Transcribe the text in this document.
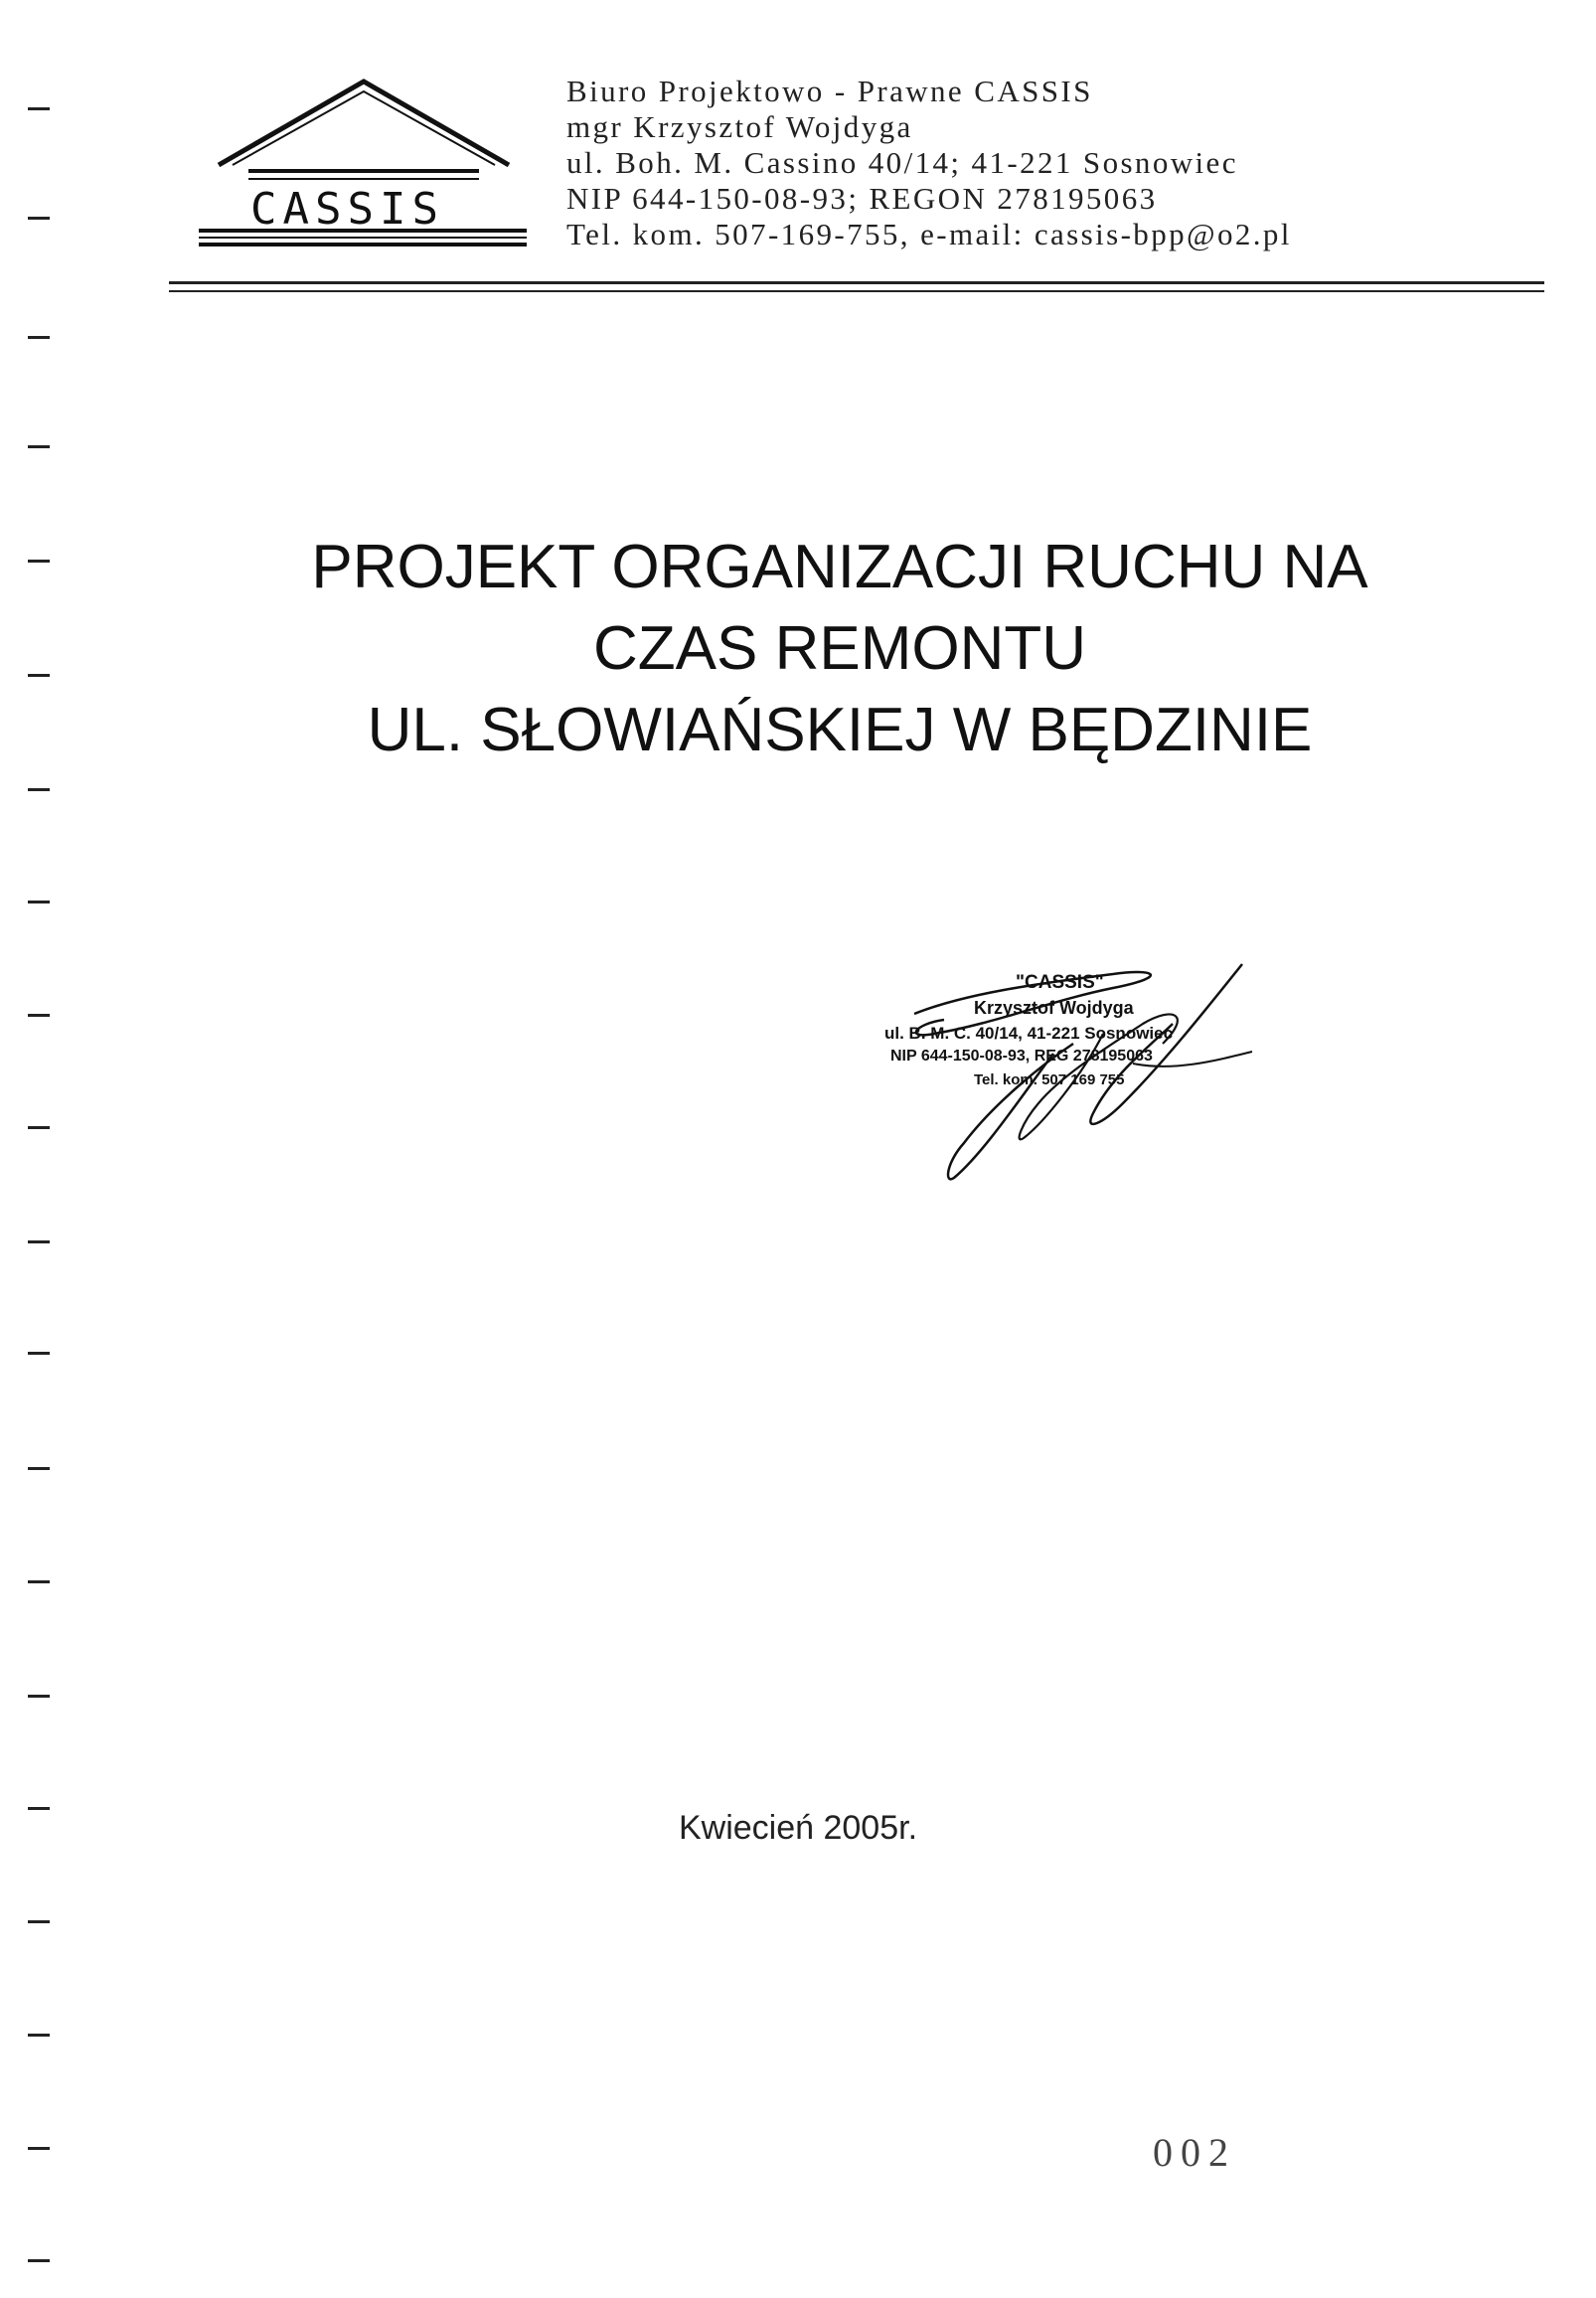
CASSIS
Biuro Projektowo - Prawne CASSIS
mgr Krzysztof Wojdyga
ul. Boh. M. Cassino 40/14; 41-221 Sosnowiec
NIP 644-150-08-93; REGON 278195063
Tel. kom. 507-169-755, e-mail: cassis-bpp@o2.pl
PROJEKT ORGANIZACJI RUCHU NA
CZAS REMONTU
UL. SŁOWIAŃSKIEJ W BĘDZINIE
"CASSIS"
Krzysztof Wojdyga
ul. B. M. C. 40/14, 41-221 Sosnowiec
NIP 644-150-08-93, REG 278195063
Tel. kom. 507 169 755
Kwiecień 2005r.
002
